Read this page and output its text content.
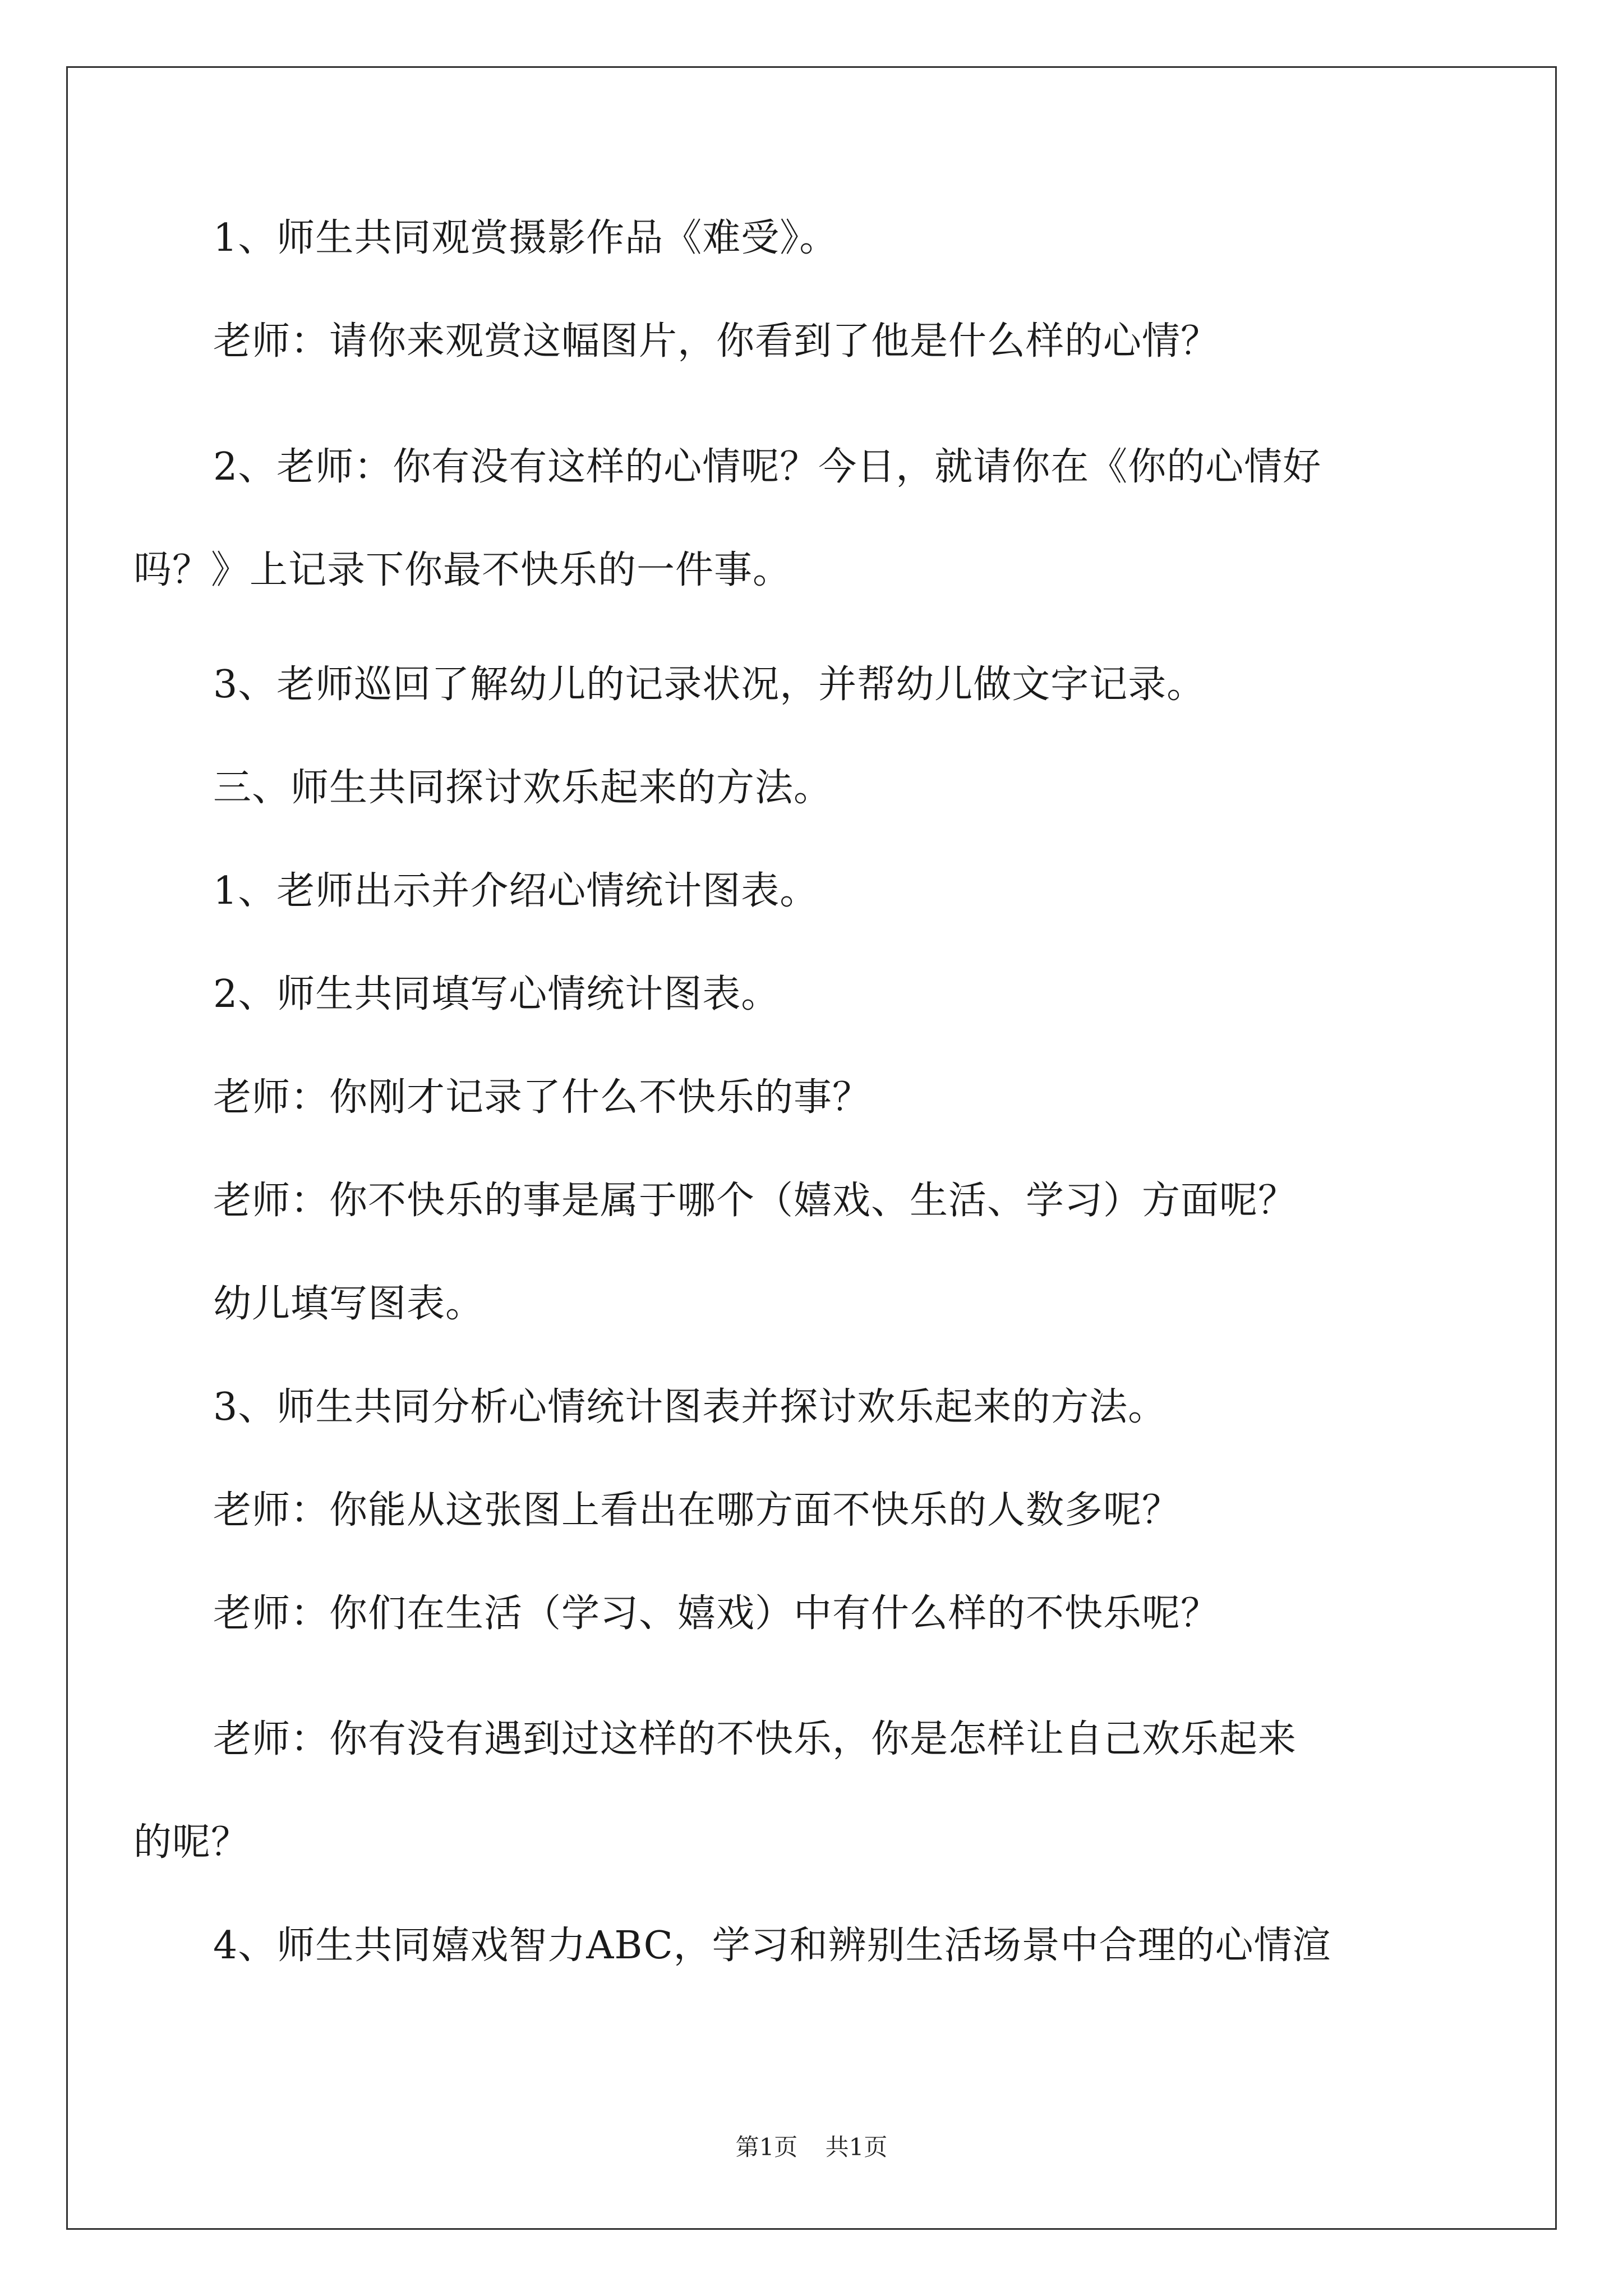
1、师生共同观赏摄影作品《难受》。

老师：请你来观赏这幅图片，你看到了他是什么样的心情？

2、老师：你有没有这样的心情呢？今日，就请你在《你的心情好

吗？》上记录下你最不快乐的一件事。

3、老师巡回了解幼儿的记录状况，并帮幼儿做文字记录。

三、师生共同探讨欢乐起来的方法。

1、老师出示并介绍心情统计图表。

2、师生共同填写心情统计图表。

老师：你刚才记录了什么不快乐的事？

老师：你不快乐的事是属于哪个（嬉戏、生活、学习）方面呢？

幼儿填写图表。

3、师生共同分析心情统计图表并探讨欢乐起来的方法。

老师：你能从这张图上看出在哪方面不快乐的人数多呢？

老师：你们在生活（学习、嬉戏）中有什么样的不快乐呢？

老师：你有没有遇到过这样的不快乐，你是怎样让自己欢乐起来

的呢？

4、师生共同嬉戏智力ABC，学习和辨别生活场景中合理的心情渲

第1页 共1页
